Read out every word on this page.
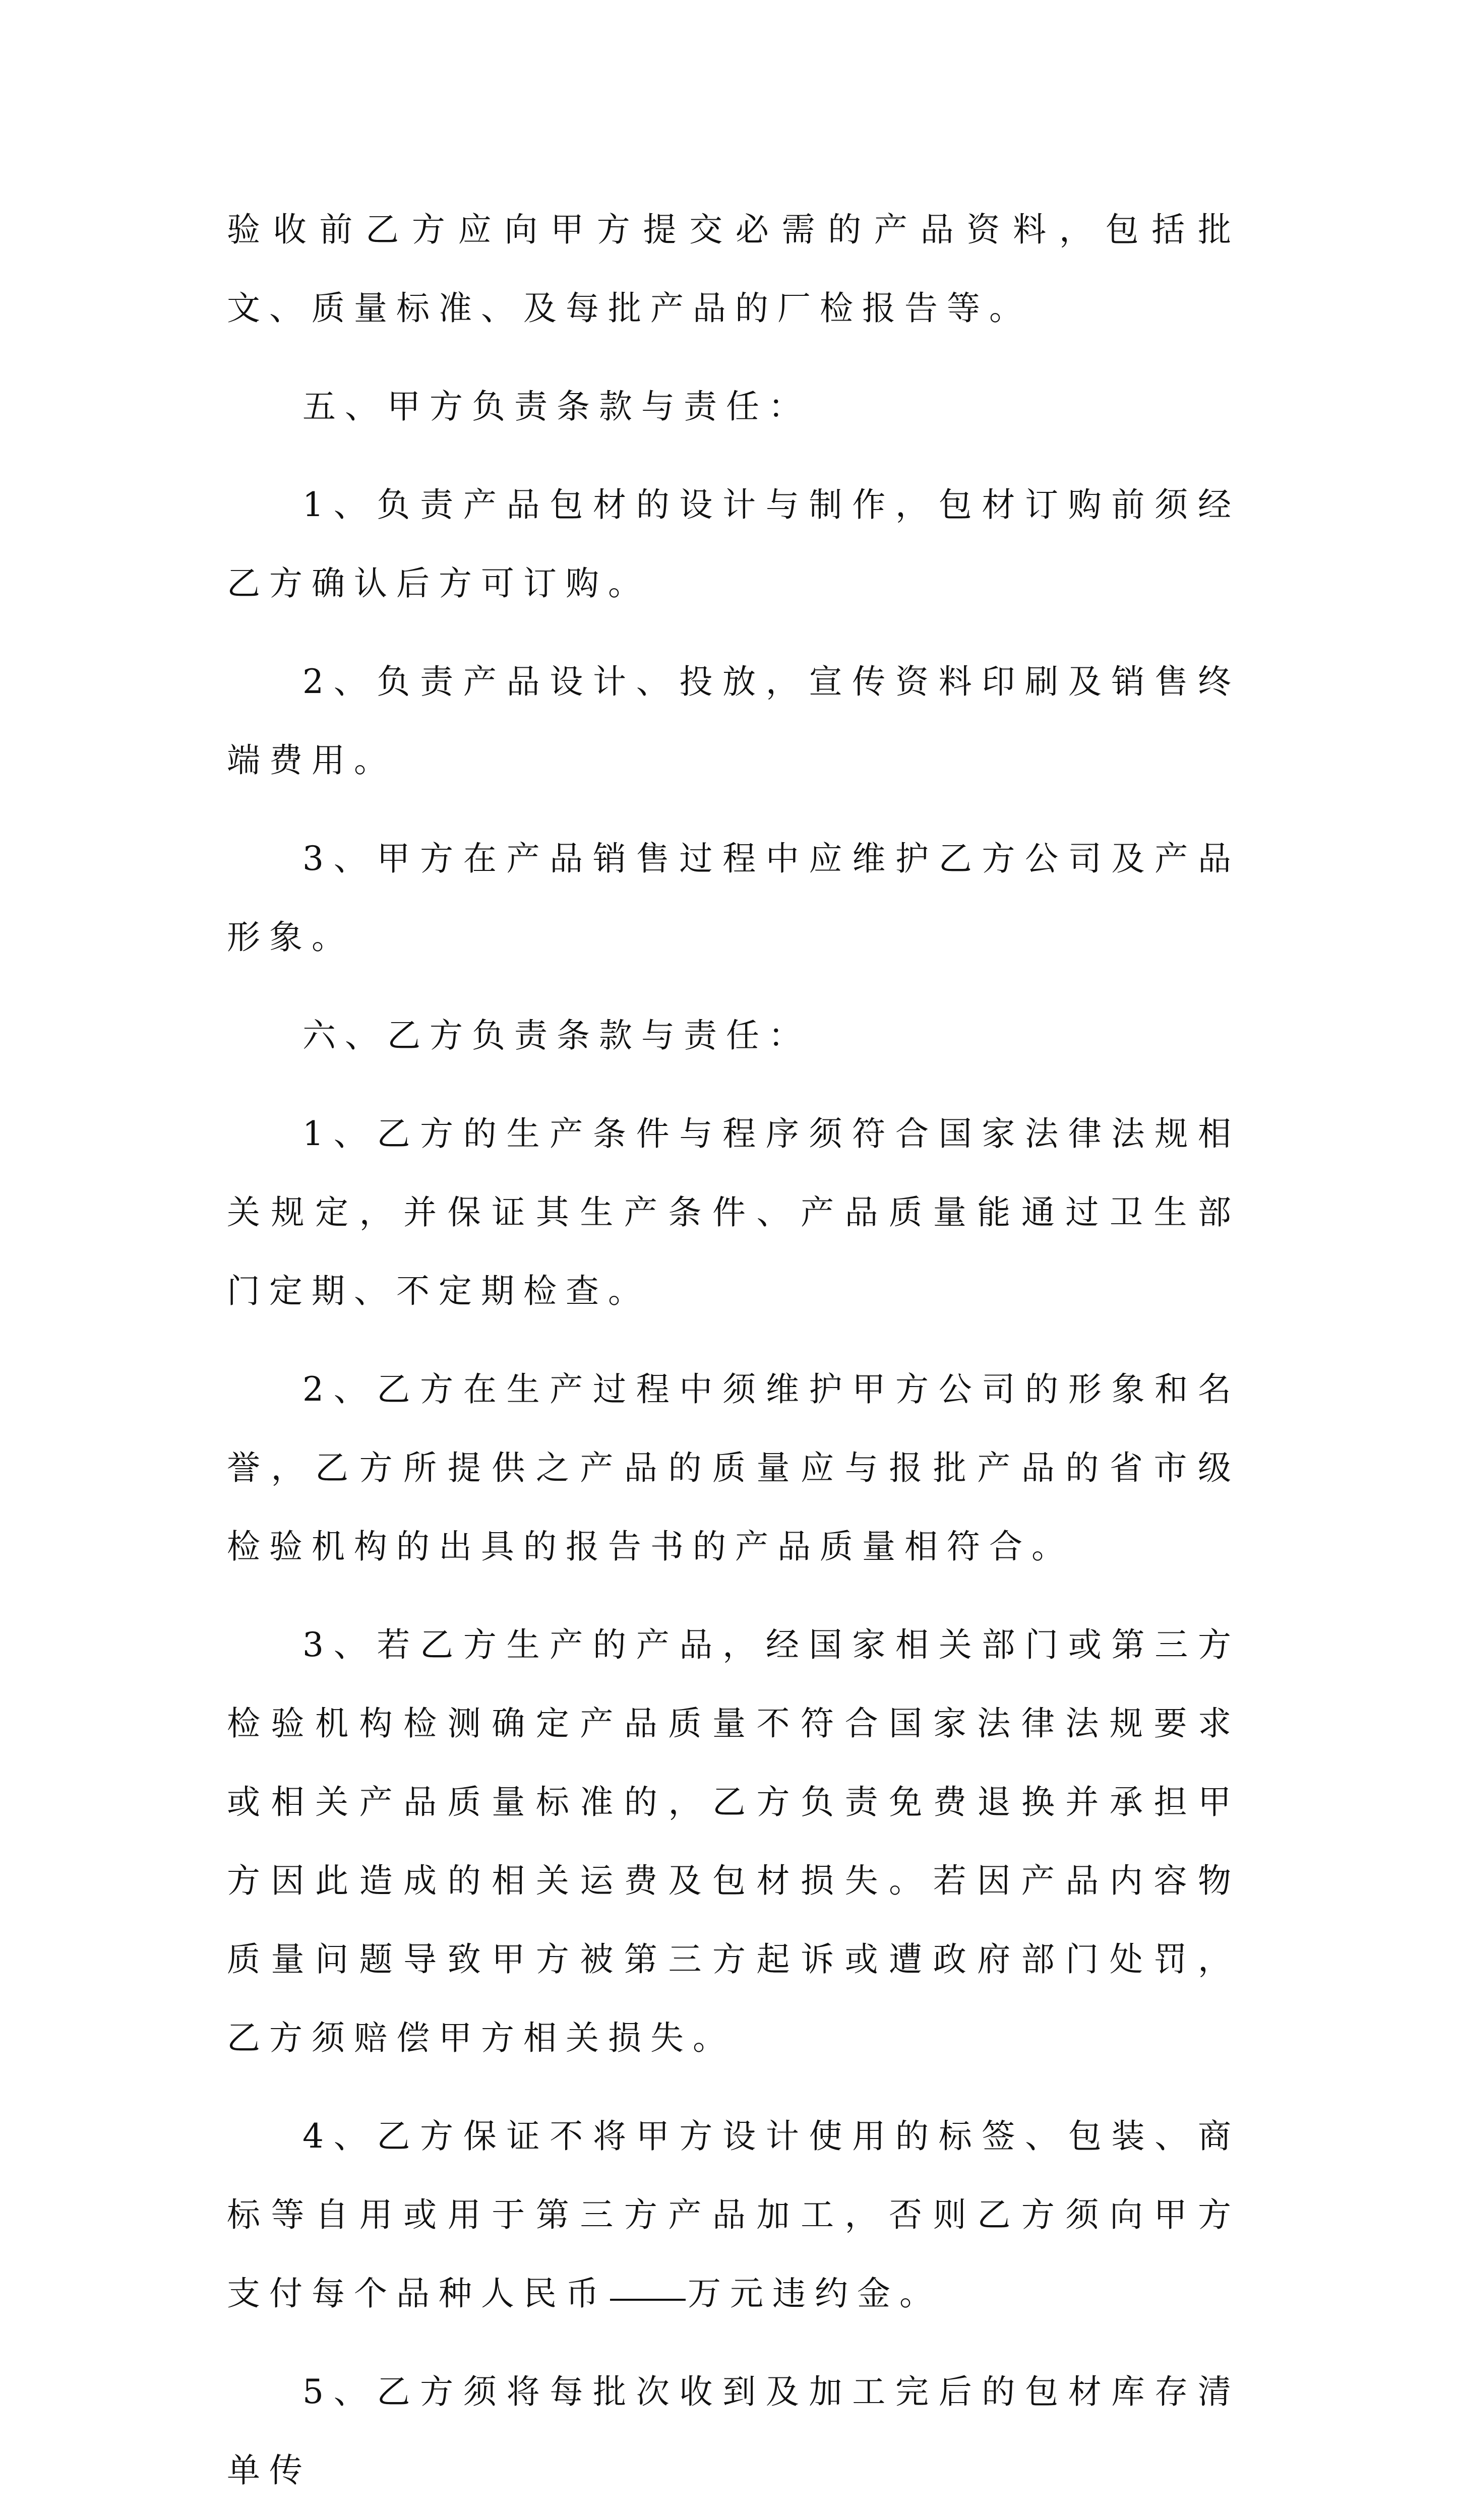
验收前乙方应向甲方提交必需的产品资料，包括批文、质量标准、及每批产品的厂检报告等。

五、甲方负责条款与责任：

1、负责产品包材的设计与制作，包材订购前须经乙方确认后方可订购。

2、负责产品设计、投放，宣传资料印刷及销售终端费用。

3、甲方在产品销售过程中应维护乙方公司及产品形象。

六、乙方负责条款与责任：

1、乙方的生产条件与程序须符合国家法律法规相关规定，并保证其生产条件、产品质量能通过卫生部门定期、不定期检查。

2、乙方在生产过程中须维护甲方公司的形象和名誉，乙方所提供之产品的质量应与报批产品的省市级检验机构的出具的报告书的产品质量相符合。

3、若乙方生产的产品，经国家相关部门或第三方检验机构检测确定产品质量不符合国家法律法规要求或相关产品质量标准的，乙方负责免费退换并承担甲方因此造成的相关运费及包材损失。若因产品内容物质量问题导致甲方被第三方起诉或遭政府部门处罚，乙方须赔偿甲方相关损失。

4、乙方保证不将甲方设计使用的标签、包装、商标等自用或用于第三方产品加工，否则乙方须向甲方支付每个品种人民币 万元违约金。

5、乙方须将每批次收到及加工完后的包材库存清单传
